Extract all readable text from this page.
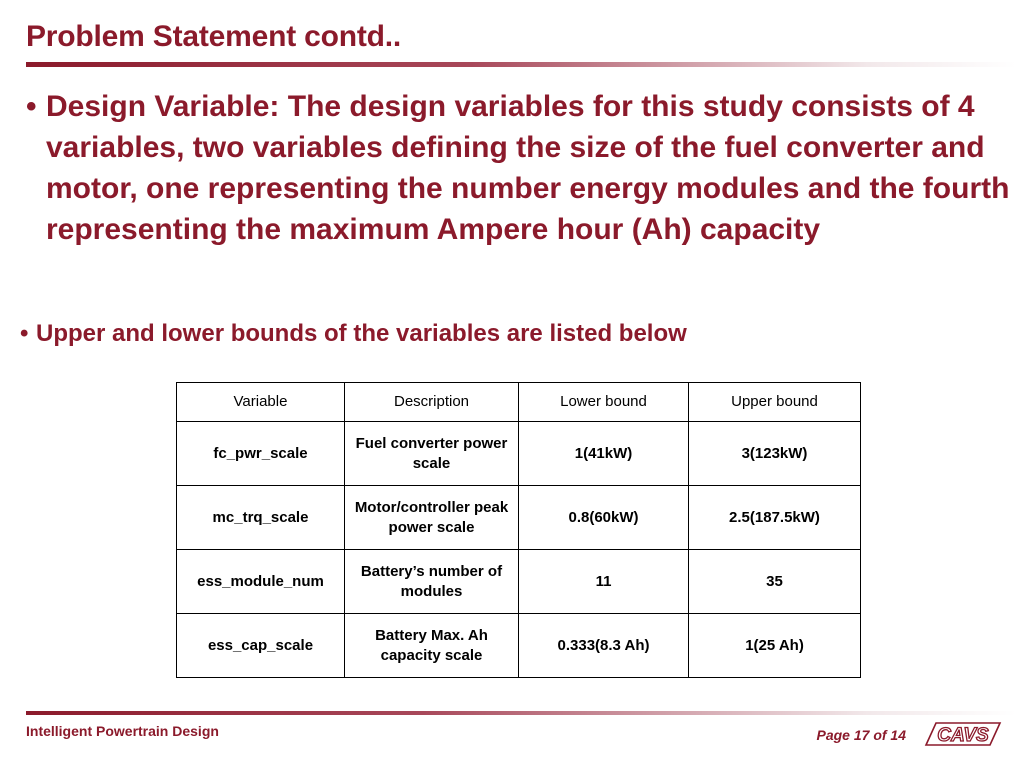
Problem Statement contd..
• Design Variable: The design variables for this study consists of 4 variables, two variables defining the size of the fuel converter and motor, one representing the number energy modules and the fourth representing the maximum Ampere hour (Ah) capacity
• Upper and lower bounds of the variables are listed below
Variable	Description	Lower bound	Upper bound
fc_pwr_scale	Fuel converter power scale	1(41kW)	3(123kW)
mc_trq_scale	Motor/controller peak power scale	0.8(60kW)	2.5(187.5kW)
ess_module_num	Battery’s number of modules	11	35
ess_cap_scale	Battery Max. Ah capacity scale	0.333(8.3 Ah)	1(25 Ah)
Intelligent Powertrain Design	Page 17 of 14 CAVS
